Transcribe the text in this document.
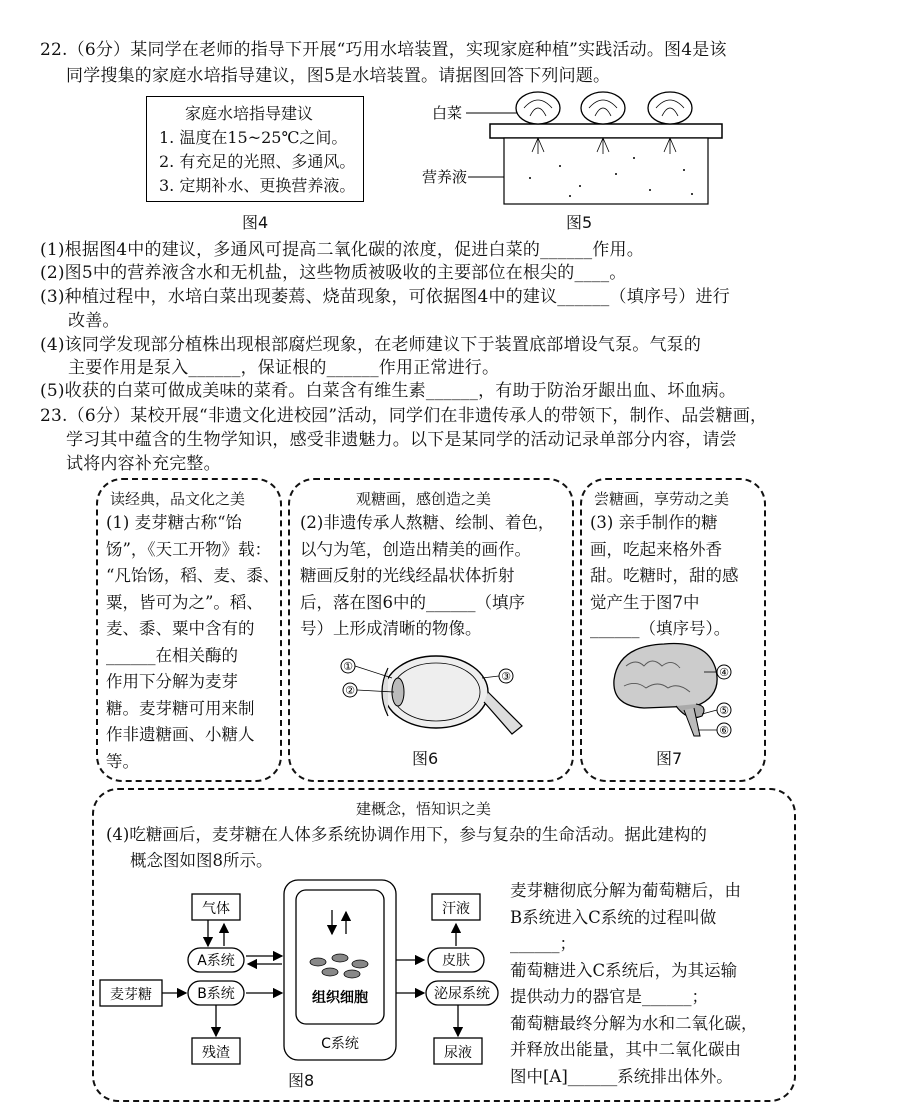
22.（6分）某同学在老师的指导下开展“巧用水培装置，实现家庭种植”实践活动。图4是该
同学搜集的家庭水培指导建议，图5是水培装置。请据图回答下列问题。
家庭水培指导建议
1. 温度在15~25℃之间。
2. 有充足的光照、多通风。
3. 定期补水、更换营养液。
图4
白菜
营养液
图5
(1)根据图4中的建议，多通风可提高二氧化碳的浓度，促进白菜的______作用。
(2)图5中的营养液含水和无机盐，这些物质被吸收的主要部位在根尖的____。
(3)种植过程中，水培白菜出现萎蔫、烧苗现象，可依据图4中的建议______（填序号）进行
改善。
(4)该同学发现部分植株出现根部腐烂现象，在老师建议下于装置底部增设气泵。气泵的
主要作用是泵入______，保证根的______作用正常进行。
(5)收获的白菜可做成美味的菜肴。白菜含有维生素______，有助于防治牙龈出血、坏血病。
23.（6分）某校开展“非遗文化进校园”活动，同学们在非遗传承人的带领下，制作、品尝糖画，
学习其中蕴含的生物学知识，感受非遗魅力。以下是某同学的活动记录单部分内容，请尝
试将内容补充完整。
读经典，品文化之美
(1) 麦芽糖古称“饴
饧”，《天工开物》载：
“凡饴饧，稻、麦、黍、
粟，皆可为之”。稻、
麦、黍、粟中含有的
______在相关酶的
作用下分解为麦芽
糖。麦芽糖可用来制
作非遗糖画、小糖人
等。
观糖画，感创造之美
(2)非遗传承人熬糖、绘制、着色，
以勺为笔，创造出精美的画作。
糖画反射的光线经晶状体折射
后，落在图6中的______（填序
号）上形成清晰的物像。
①
②
③
图6
尝糖画，享劳动之美
(3) 亲手制作的糖
画，吃起来格外香
甜。吃糖时，甜的感
觉产生于图7中
______（填序号）。
④
⑤
⑥
图7
建概念，悟知识之美
(4)吃糖画后，麦芽糖在人体多系统协调作用下，参与复杂的生命活动。据此建构的
概念图如图8所示。
麦芽糖彻底分解为葡萄糖后，由
B系统进入C系统的过程叫做
______；
葡萄糖进入C系统后，为其运输
提供动力的器官是______；
葡萄糖最终分解为水和二氧化碳，
并释放出能量，其中二氧化碳由
图中[A]______系统排出体外。
气体
A系统
麦芽糖	B系统
残渣
组织细胞
C系统
汗液
皮肤
泌尿系统
尿液
图8
